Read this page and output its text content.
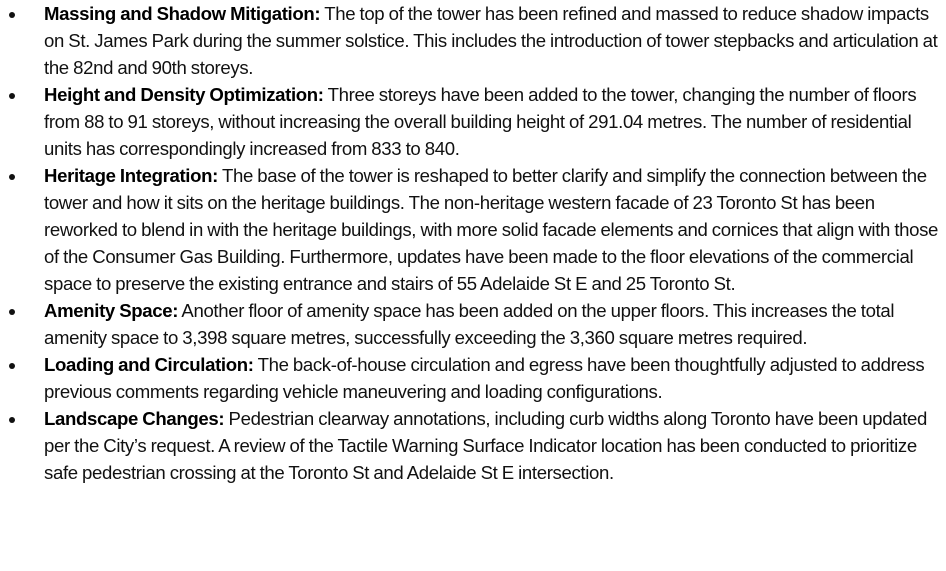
Massing and Shadow Mitigation: The top of the tower has been refined and massed to reduce shadow impacts on St. James Park during the summer solstice. This includes the introduction of tower stepbacks and articulation at the 82nd and 90th storeys.
Height and Density Optimization: Three storeys have been added to the tower, changing the number of floors from 88 to 91 storeys, without increasing the overall building height of 291.04 metres. The number of residential units has correspondingly increased from 833 to 840.
Heritage Integration: The base of the tower is reshaped to better clarify and simplify the connection between the tower and how it sits on the heritage buildings. The non-heritage western facade of 23 Toronto St has been reworked to blend in with the heritage buildings, with more solid facade elements and cornices that align with those of the Consumer Gas Building. Furthermore, updates have been made to the floor elevations of the commercial space to preserve the existing entrance and stairs of 55 Adelaide St E and 25 Toronto St.
Amenity Space: Another floor of amenity space has been added on the upper floors. This increases the total amenity space to 3,398 square metres, successfully exceeding the 3,360 square metres required.
Loading and Circulation: The back-of-house circulation and egress have been thoughtfully adjusted to address previous comments regarding vehicle maneuvering and loading configurations.
Landscape Changes: Pedestrian clearway annotations, including curb widths along Toronto have been updated per the City’s request. A review of the Tactile Warning Surface Indicator location has been conducted to prioritize safe pedestrian crossing at the Toronto St and Adelaide St E intersection.
